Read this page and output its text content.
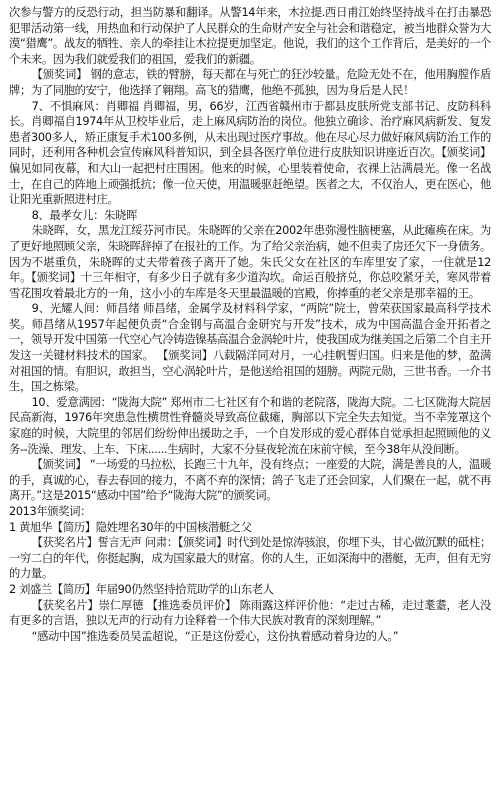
次参与警方的反恐行动，担当防暴和翻译。从警14年来，木拉提.西日甫江始终坚持战斗在打击暴恐犯罪活动第一线，用热血和行动保护了人民群众的生命财产安全与社会和谐稳定，被当地群众誉为大漠“猎鹰”。战友的牺牲、亲人的牵挂让木拉提更加坚定。他说，我们的这个工作背后，是美好的一个个未来。因为我们就爱我们的祖国，爱我们的新疆。

【颁奖词】 钢的意志，铁的臂膀，每天都在与死亡的狂沙较量。危险无处不在，他用胸膛作盾牌；为了同胞的安宁，他选择了翱翔。高飞的猎鹰，他绝不孤独，因为身后是人民！

7、不惧麻风：肖卿福 肖卿福，男，66岁，江西省赣州市于都县皮肤所党支部书记、皮防科科长。肖卿福自1974年从卫校毕业后，走上麻风病防治的岗位。他独立确诊、治疗麻风病新发、复发患者300多人，矫正康复手术100多例，从未出现过医疗事故。他在尽心尽力做好麻风病防治工作的同时，还利用各种机会宣传麻风科普知识，到全县各医疗单位进行皮肤知识讲座近百次。【颁奖词】偏见如同夜幕，和大山一起把村庄围困。他来的时候，心里装着使命，衣裸上沾满晨光。像一名战士，在自己的阵地上顽强抵抗；像一位天使，用温暖驱赶绝望。医者之大，不仅治人，更在医心，他让阳光重新照进村庄。

8、最孝女儿：朱晓晖

朱晓晖，女，黑龙江绥芬河市民。朱晓晖的父亲在2002年患弥漫性脑梗塞，从此瘫痪在床。为了更好地照顾父亲，朱晓晖辞掉了在报社的工作。为了给父亲治病，她不但卖了房还欠下一身债务。因为不堪重负，朱晓晖的丈夫带着孩子离开了她。朱氏父女在社区的车库里安了家，一住就是12年。【颁奖词】十三年相守，有多少日子就有多少道沟坎。命运百般挤兑，你总咬紧牙关，寒风带着雪花围攻着最北方的一角，这小小的车库是冬天里最温暖的宫殿，你捧重的老父亲是那幸福的王。

9、光耀人间：师昌绪 师昌绪，金属学及材料科学家，“两院”院士，曾荣获国家最高科学技术奖。师昌绪从1957年起便负责“合金钢与高温合金研究与开发”技术，成为中国高温合金开拓者之一，领导开发中国第一代空心气冷铸造镍基高温合金涡轮叶片，使我国成为继美国之后第二个自主开发这一关键材料技术的国家。 【颁奖词】八载隔洋同对月，一心挂帆誓归国。归来是他的梦，盈满对祖国的情。有胆识，敢担当，空心涡轮叶片，是他送给祖国的翅膀。两院元勋，三世书香。一介书生，国之栋梁。

10、爱意满园：“陇海大院” 郑州市二七社区有个和谐的老院落，陇海大院。二七区陇海大院居民高新海，1976年突患急性横贯性脊髓炎导致高位截瘫，胸部以下完全失去知觉。当不幸笼罩这个家庭的时候，大院里的邻居们纷纷伸出援助之手，一个自发形成的爱心群体自觉承担起照顾他的义务--洗澡、理发、上车、下床......生病时，大家不分昼夜轮流在床前守候，至今38年从没间断。

【颁奖词】 “一场爱的马拉松，长跑三十九年，没有终点；一座爱的大院，满是善良的人，温暖的手，真诚的心，春去春回的接力，不离不弃的深情；鸽子飞走了还会回家，人们聚在一起，就不再离开。”这是2015“感动中国”给予“陇海大院”的颁奖词。

2013年颁奖词：

1 黄旭华【简历】隐姓埋名30年的中国核潜艇之父

【获奖名片】誓言无声 问肃：【颁奖词】时代到处是惊涛骇浪，你埋下头，甘心做沉默的砥柱；一穷二白的年代，你挺起胸，成为国家最大的财富。你的人生，正如深海中的潜艇，无声，但有无穷的力量。

2 刘盛兰【简历】年届90仍然坚持拾荒助学的山东老人

【获奖名片】崇仁厚德 【推选委员评价】 陈雨露这样评价他：“走过古稀，走过耄耋，老人没有更多的言语，独以无声的行动有力诠释着一个伟大民族对教育的深刻理解。”

“感动中国”推选委员吴孟超说，“正是这份爱心，这份执着感动着身边的人。”
